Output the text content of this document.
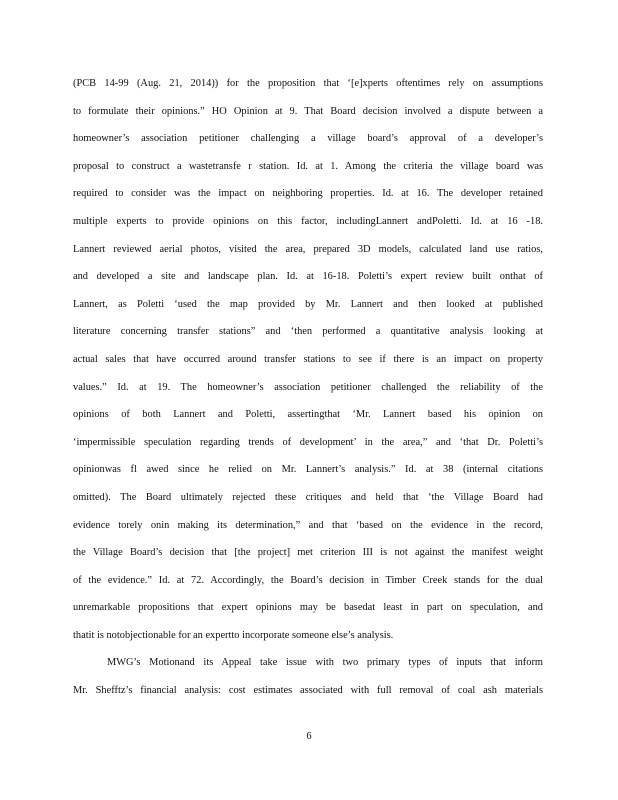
(PCB 14-99 (Aug. 21, 2014)) for the proposition that ‘[e]xperts oftentimes rely on assumptions
to formulate their opinions.” HO Opinion at 9. That Board decision involved a dispute between a
homeowner’s association petitioner challenging a village board’s approval of a developer’s
proposal to construct a wastetransfe r station. Id. at 1. Among the criteria the village board was
required to consider was the impact on neighboring properties. Id. at 16. The developer retained
multiple experts to provide opinions on this factor, includingLannert andPoletti. Id. at 16 -18.
Lannert reviewed aerial photos, visited the area, prepared 3D models, calculated land use ratios,
and developed a site and landscape plan. Id. at 16-18. Poletti’s expert review built onthat of
Lannert, as Poletti ‘used the map provided by Mr. Lannert and then looked at published
literature concerning transfer stations” and ‘then performed a quantitative analysis looking at
actual sales that have occurred around transfer stations to see if there is an impact on property
values.” Id. at 19. The homeowner’s association petitioner challenged the reliability of the
opinions of both Lannert and Poletti, assertingthat ‘Mr. Lannert based his opinion on
‘impermissible speculation regarding trends of development’ in the area,” and ‘that Dr. Poletti’s
opinionwas fl awed since he relied on Mr. Lannert’s analysis.” Id. at 38 (internal citations
omitted). The Board ultimately rejected these critiques and held that ‘the Village Board had
evidence torely onin making its determination,” and that ‘based on the evidence in the record,
the Village Board’s decision that [the project] met criterion III is not against the manifest weight
of the evidence.” Id. at 72. Accordingly, the Board’s decision in Timber Creek stands for the dual
unremarkable propositions that expert opinions may be basedat least in part on speculation, and
thatit is notobjectionable for an expertto incorporate someone else’s analysis.
MWG’s Motionand its Appeal take issue with two primary types of inputs that inform
Mr. Shefftz’s financial analysis: cost estimates associated with full removal of coal ash materials
6
